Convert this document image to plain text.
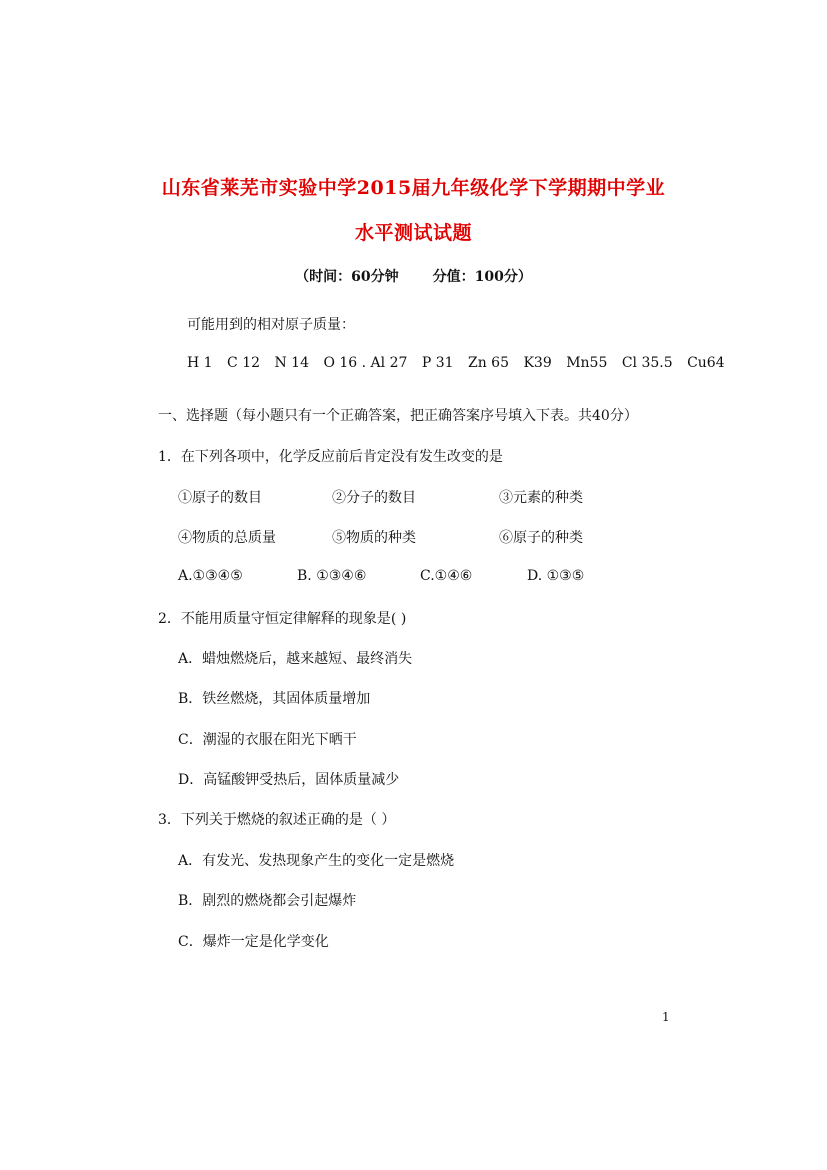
山东省莱芜市实验中学2015届九年级化学下学期期中学业
水平测试试题
（时间：60分钟 分值：100分）
可能用到的相对原子质量：
H 1 C 12 N 14 O 16 . Al 27 P 31 Zn 65 K39 Mn55 Cl 35.5 Cu64
一、选择题（每小题只有一个正确答案，把正确答案序号填入下表。共40分）
1．在下列各项中，化学反应前后肯定没有发生改变的是
①原子的数目	②分子的数目	③元素的种类
④物质的总质量	⑤物质的种类	⑥原子的种类
A.①③④⑤	B. ①③④⑥	C.①④⑥	D. ①③⑤
2．不能用质量守恒定律解释的现象是( )
A．蜡烛燃烧后，越来越短、最终消失
B．铁丝燃烧，其固体质量增加
C．潮湿的衣服在阳光下晒干
D．高锰酸钾受热后，固体质量减少
3．下列关于燃烧的叙述正确的是（ ）
A．有发光、发热现象产生的变化一定是燃烧
B．剧烈的燃烧都会引起爆炸
C．爆炸一定是化学变化
1
